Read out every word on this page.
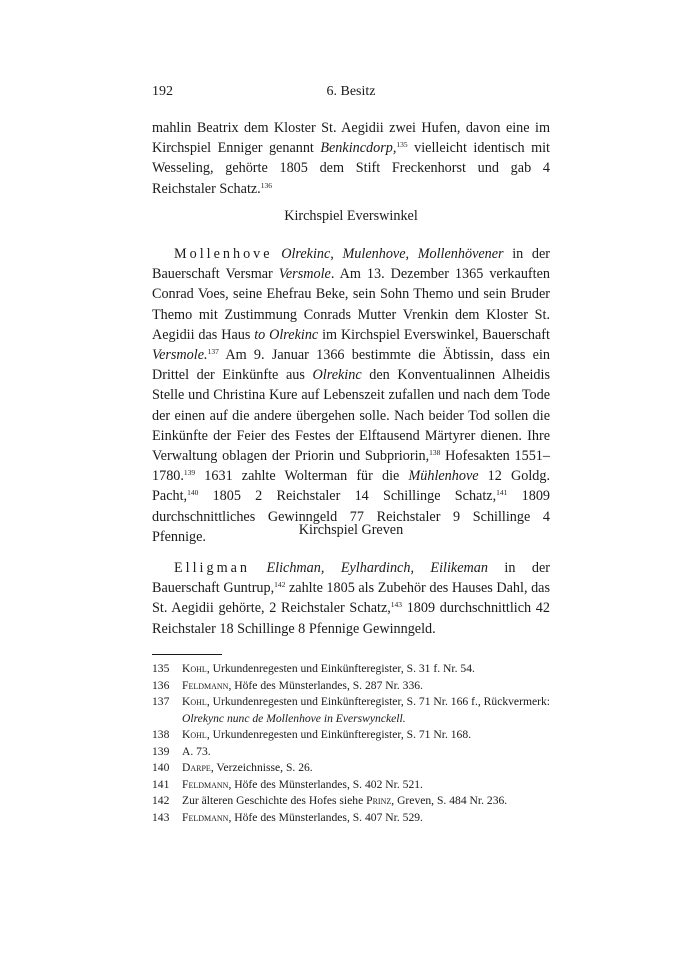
192	6. Besitz

mahlin Beatrix dem Kloster St. Aegidii zwei Hufen, davon eine im Kirchspiel Enniger genannt Benkincdorp,$^{135}$ vielleicht identisch mit Wesseling, gehörte 1805 dem Stift Freckenhorst und gab 4 Reichstaler Schatz.$^{136}$

Kirchspiel Everswinkel

Mollenhove Olrekinc, Mulenhove, Mollenhövener in der Bauerschaft Versmar Versmole. Am 13. Dezember 1365 verkauften Conrad Voes, seine Ehefrau Beke, sein Sohn Themo und sein Bruder Themo mit Zustimmung Conrads Mutter Vrenkin dem Kloster St. Aegidii das Haus to Olrekinc im Kirchspiel Everswinkel, Bauerschaft Versmole.$^{137}$ Am 9. Januar 1366 bestimmte die Äbtissin, dass ein Drittel der Einkünfte aus Olrekinc den Konventualinnen Alheidis Stelle und Christina Kure auf Lebenszeit zufallen und nach dem Tode der einen auf die andere übergehen solle. Nach beider Tod sollen die Einkünfte der Feier des Festes der Elftausend Märtyrer dienen. Ihre Verwaltung oblagen der Priorin und Subpriorin,$^{138}$ Hofesakten 1551–1780.$^{139}$ 1631 zahlte Wolterman für die Mühlenhove 12 Goldg. Pacht,$^{140}$ 1805 2 Reichstaler 14 Schillinge Schatz,$^{141}$ 1809 durchschnittliches Gewinngeld 77 Reichstaler 9 Schillinge 4 Pfennige.	Kirchspiel Greven

Elligman Elichman, Eylhardinch, Eilikeman in der Bauerschaft Guntrup,$^{142}$ zahlte 1805 als Zubehör des Hauses Dahl, das St. Aegidii gehörte, 2 Reichstaler Schatz,$^{143}$ 1809 durchschnittlich 42 Reichstaler 18 Schillinge 8 Pfennige Gewinngeld.

135 Kohl, Urkundenregesten und Einkünfteregister, S. 31 f. Nr. 54.
136 Feldmann, Höfe des Münsterlandes, S. 287 Nr. 336.
137 Kohl, Urkundenregesten und Einkünfteregister, S. 71 Nr. 166 f., Rückvermerk: Olrekync nunc de Mollenhove in Everswynckell.
138 Kohl, Urkundenregesten und Einkünfteregister, S. 71 Nr. 168.
139 A. 73.
140 Darpe, Verzeichnisse, S. 26.
141 Feldmann, Höfe des Münsterlandes, S. 402 Nr. 521.
142 Zur älteren Geschichte des Hofes siehe Prinz, Greven, S. 484 Nr. 236.
143 Feldmann, Höfe des Münsterlandes, S. 407 Nr. 529.
